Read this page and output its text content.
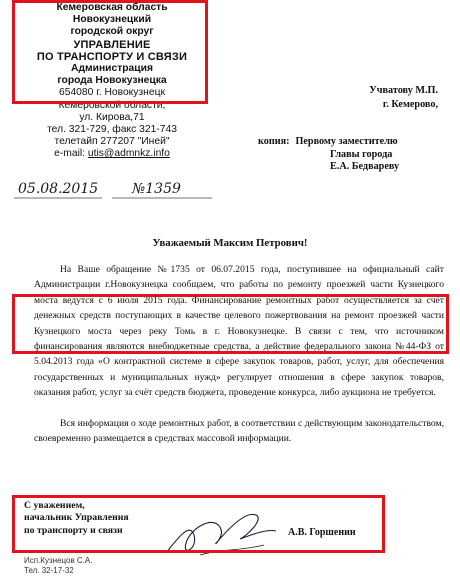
Кемеровская область
Новокузнецкий
городской округ
УПРАВЛЕНИЕ
ПО ТРАНСПОРТУ И СВЯЗИ
Администрация
города Новокузнецка
654080 г. Новокузнецк
Кемеровской области,
ул. Кирова,71
тел. 321-729, факс 321-743
телетайп 277207 "Иней"
e-mail: utis@admnkz.info
05.08.2015 №1359
Учватову М.П.
г. Кемерово,
копия: Первому заместителю
Главы города
Е.А. Бедвареву
Уважаемый Максим Петрович!
На Ваше обращение №1735 от 06.07.2015 года, поступившее на официальный сайт Администрации г.Новокузнецка сообщаем, что работы по ремонту проезжей части Кузнецкого моста ведутся с 6 июля 2015 года. Финансирование ремонтных работ осуществляется за счёт денежных средств поступающих в качестве целевого пожертвования на ремонт проезжей части Кузнецкого моста через реку Томь в г. Новокузнецке. В связи с тем, что источником финансирования являются внебюджетные средства, а действие федерального закона №44-ФЗ от 5.04.2013 года «О контрактной системе в сфере закупок товаров, работ, услуг, для обеспечения государственных и муниципальных нужд» регулирует отношения в сфере закупок товаров, оказания работ, услуг за счёт средств бюджета, проведение конкурса, либо аукциона не требуется.
Вся информация о ходе ремонтных работ, в соответствии с действующим законодательством, своевременно размещается в средствах массовой информации.
С уважением,
начальник Управления
по транспорту и связи	А.В. Горшенин
Исп.Кузнецов С.А.
Тел. 32-17-32
